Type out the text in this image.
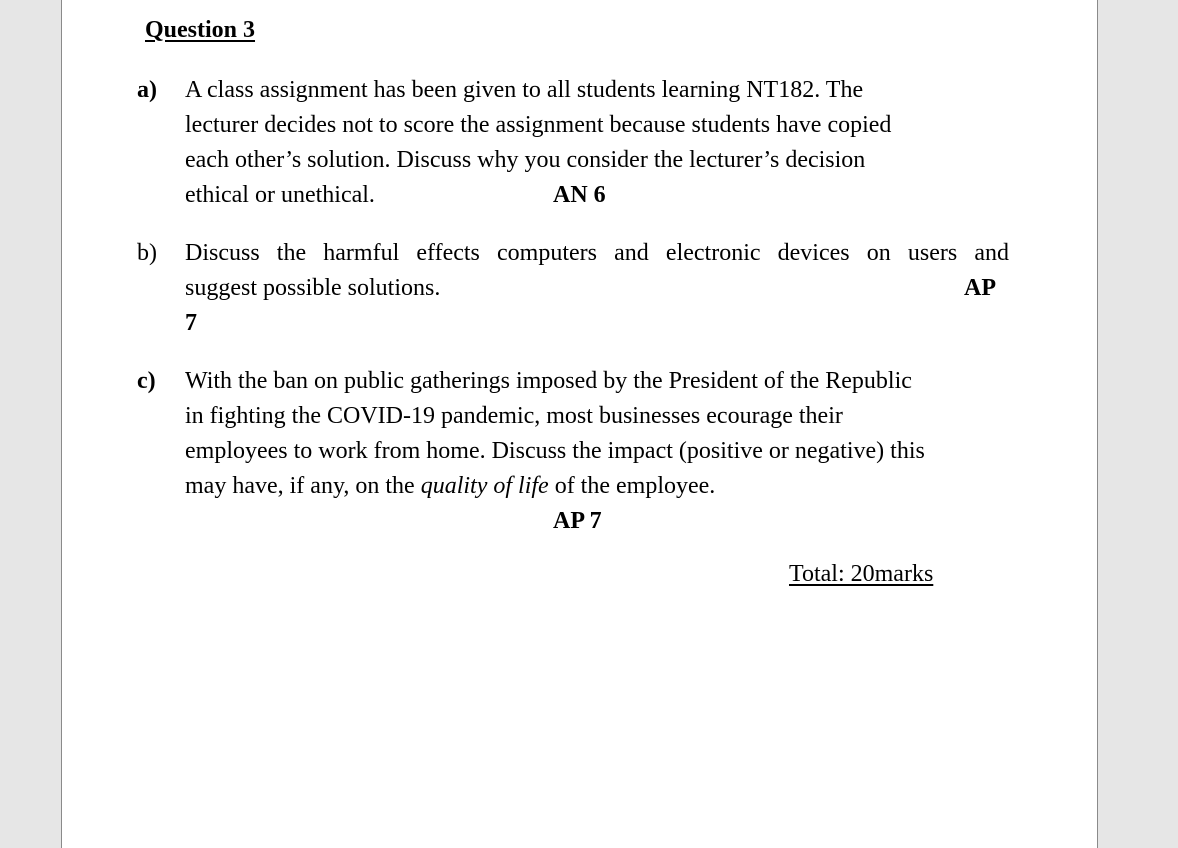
Question 3
a) A class assignment has been given to all students learning NT182. The
lecturer decides not to score the assignment because students have copied
each other’s solution. Discuss why you consider the lecturer’s decision
ethical or unethical.	AN 6
b) Discuss the harmful effects computers and electronic devices on users and
suggest possible solutions.	AP
7
c) With the ban on public gatherings imposed by the President of the Republic
in fighting the COVID-19 pandemic, most businesses ecourage their
employees to work from home. Discuss the impact (positive or negative) this
may have, if any, on the quality of life of the employee.
AP 7
Total: 20marks
